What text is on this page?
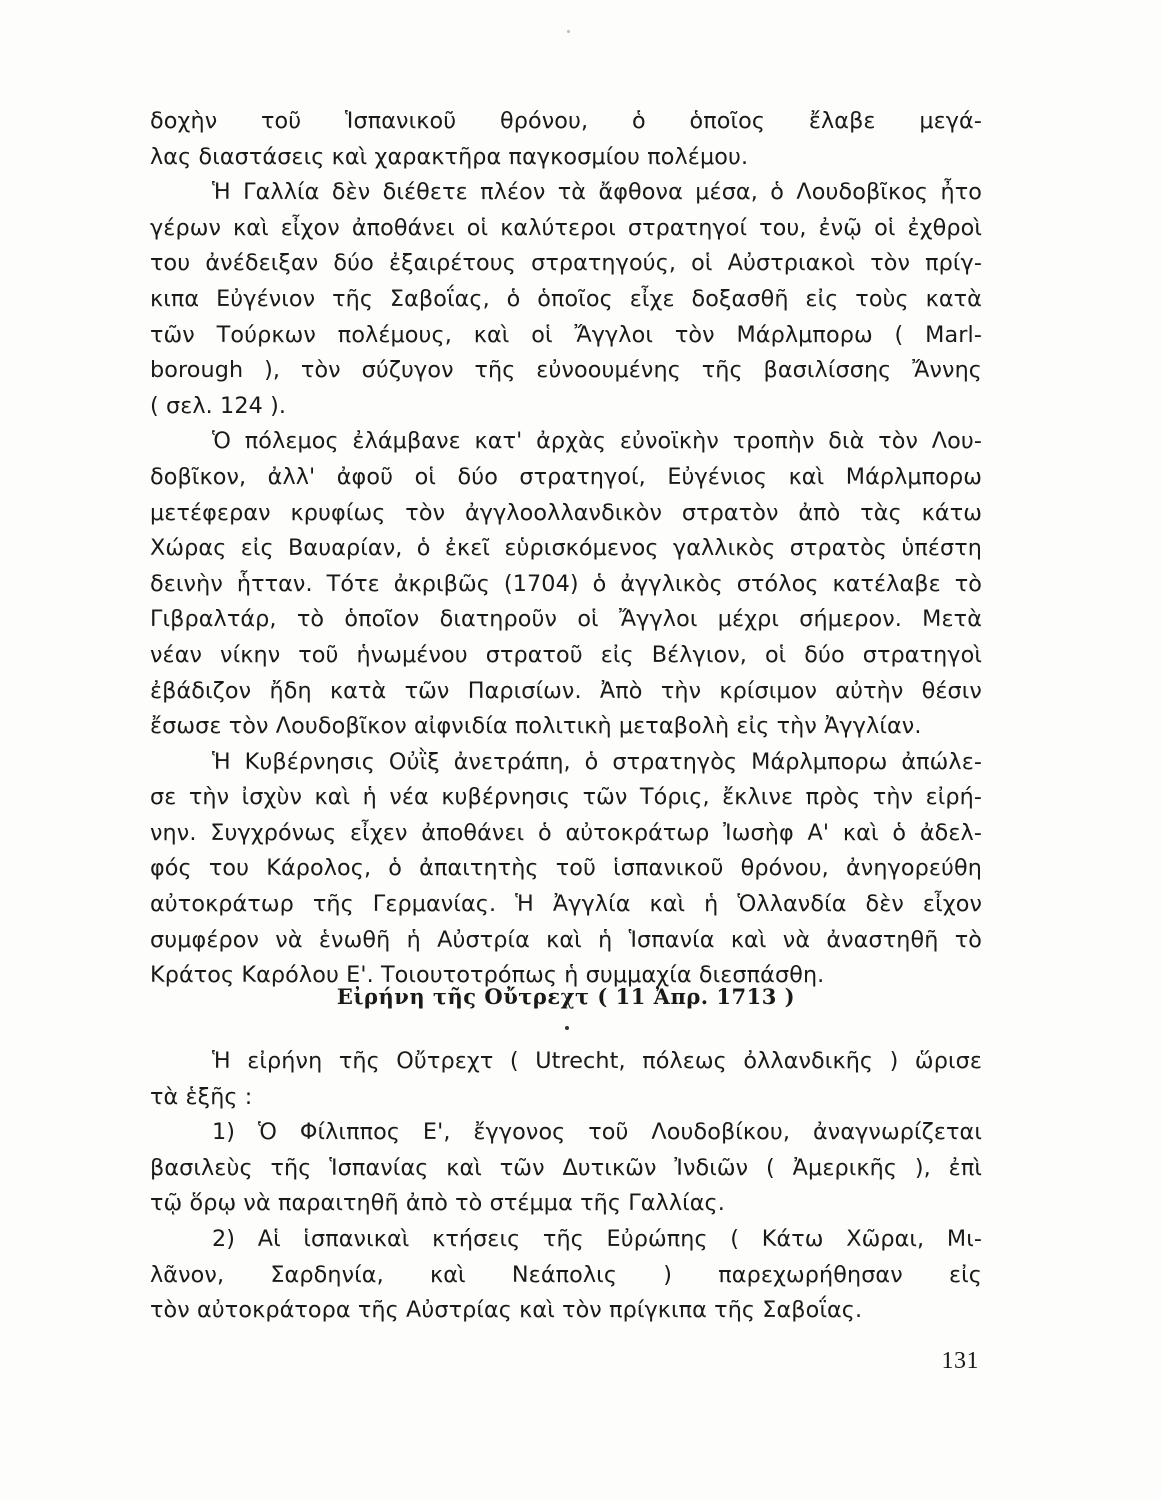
δοχὴν τοῦ Ἱσπανικοῦ θρόνου, ὁ ὁποῖος ἔλαβε μεγά-
λας διαστάσεις καὶ χαρακτῆρα παγκοσμίου πολέμου.
Ἡ Γαλλία δὲν διέθετε πλέον τὰ ἄφθονα μέσα, ὁ Λουδοβῖκος ἦτο
γέρων καὶ εἶχον ἀποθάνει οἱ καλύτεροι στρατηγοί του, ἐνῷ οἱ ἐχθροὶ
του ἀνέδειξαν δύο ἐξαιρέτους στρατηγούς, οἱ Αὐστριακοὶ τὸν πρίγ-
κιπα Εὐγένιον τῆς Σαβοΐας, ὁ ὁποῖος εἶχε δοξασθῆ εἰς τοὺς κατὰ
τῶν Τούρκων πολέμους, καὶ οἱ Ἄγγλοι τὸν Μάρλμπορω ( Marl-
borough ), τὸν σύζυγον τῆς εὐνοουμένης τῆς βασιλίσσης Ἄννης
( σελ. 124 ).
Ὁ πόλεμος ἐλάμβανε κατ' ἀρχὰς εὐνοϊκὴν τροπὴν διὰ τὸν Λου-
δοβῖκον, ἀλλ' ἀφοῦ οἱ δύο στρατηγοί, Εὐγένιος καὶ Μάρλμπορω
μετέφεραν κρυφίως τὸν ἀγγλοολλανδικὸν στρατὸν ἀπὸ τὰς κάτω
Χώρας εἰς Βαυαρίαν, ὁ ἐκεῖ εὑρισκόμενος γαλλικὸς στρατὸς ὑπέστη
δεινὴν ἧτταν. Τότε ἀκριβῶς (1704) ὁ ἀγγλικὸς στόλος κατέλαβε τὸ
Γιβραλτάρ, τὸ ὁποῖον διατηροῦν οἱ Ἄγγλοι μέχρι σήμερον. Μετὰ
νέαν νίκην τοῦ ἡνωμένου στρατοῦ εἰς Βέλγιον, οἱ δύο στρατηγοὶ
ἐβάδιζον ἤδη κατὰ τῶν Παρισίων. Ἀπὸ τὴν κρίσιμον αὐτὴν θέσιν
ἔσωσε τὸν Λουδοβῖκον αἰφνιδία πολιτικὴ μεταβολὴ εἰς τὴν Ἀγγλίαν.
Ἡ Κυβέρνησις Οὐῒξ ἀνετράπη, ὁ στρατηγὸς Μάρλμπορω ἀπώλε-
σε τὴν ἰσχὺν καὶ ἡ νέα κυβέρνησις τῶν Τόρις, ἔκλινε πρὸς τὴν εἰρή-
νην. Συγχρόνως εἶχεν ἀποθάνει ὁ αὐτοκράτωρ Ἰωσὴφ Α' καὶ ὁ ἀδελ-
φός του Κάρολος, ὁ ἀπαιτητὴς τοῦ ἱσπανικοῦ θρόνου, ἀνηγορεύθη
αὐτοκράτωρ τῆς Γερμανίας. Ἡ Ἀγγλία καὶ ἡ Ὁλλανδία δὲν εἶχον
συμφέρον νὰ ἑνωθῆ ἡ Αὐστρία καὶ ἡ Ἱσπανία καὶ νὰ ἀναστηθῆ τὸ
Κράτος Καρόλου Ε'. Τοιουτοτρόπως ἡ συμμαχία διεσπάσθη.
Εἰρήνη τῆς Οὔτρεχτ ( 11 Ἀπρ. 1713 )
Ἡ εἰρήνη τῆς Οὔτρεχτ ( Utrecht, πόλεως ὀλλανδικῆς ) ὥρισε
τὰ ἑξῆς :
1) Ὁ Φίλιππος Ε', ἔγγονος τοῦ Λουδοβίκου, ἀναγνωρίζεται
βασιλεὺς τῆς Ἱσπανίας καὶ τῶν Δυτικῶν Ἰνδιῶν ( Ἀμερικῆς ), ἐπὶ
τῷ ὅρῳ νὰ παραιτηθῆ ἀπὸ τὸ στέμμα τῆς Γαλλίας.
2) Αἱ ἱσπανικαὶ κτήσεις τῆς Εὐρώπης ( Κάτω Χῶραι, Μι-
λᾶνον, Σαρδηνία, καὶ Νεάπολις ) παρεχωρήθησαν εἰς
τὸν αὐτοκράτορα τῆς Αὐστρίας καὶ τὸν πρίγκιπα τῆς Σαβοΐας.
131
